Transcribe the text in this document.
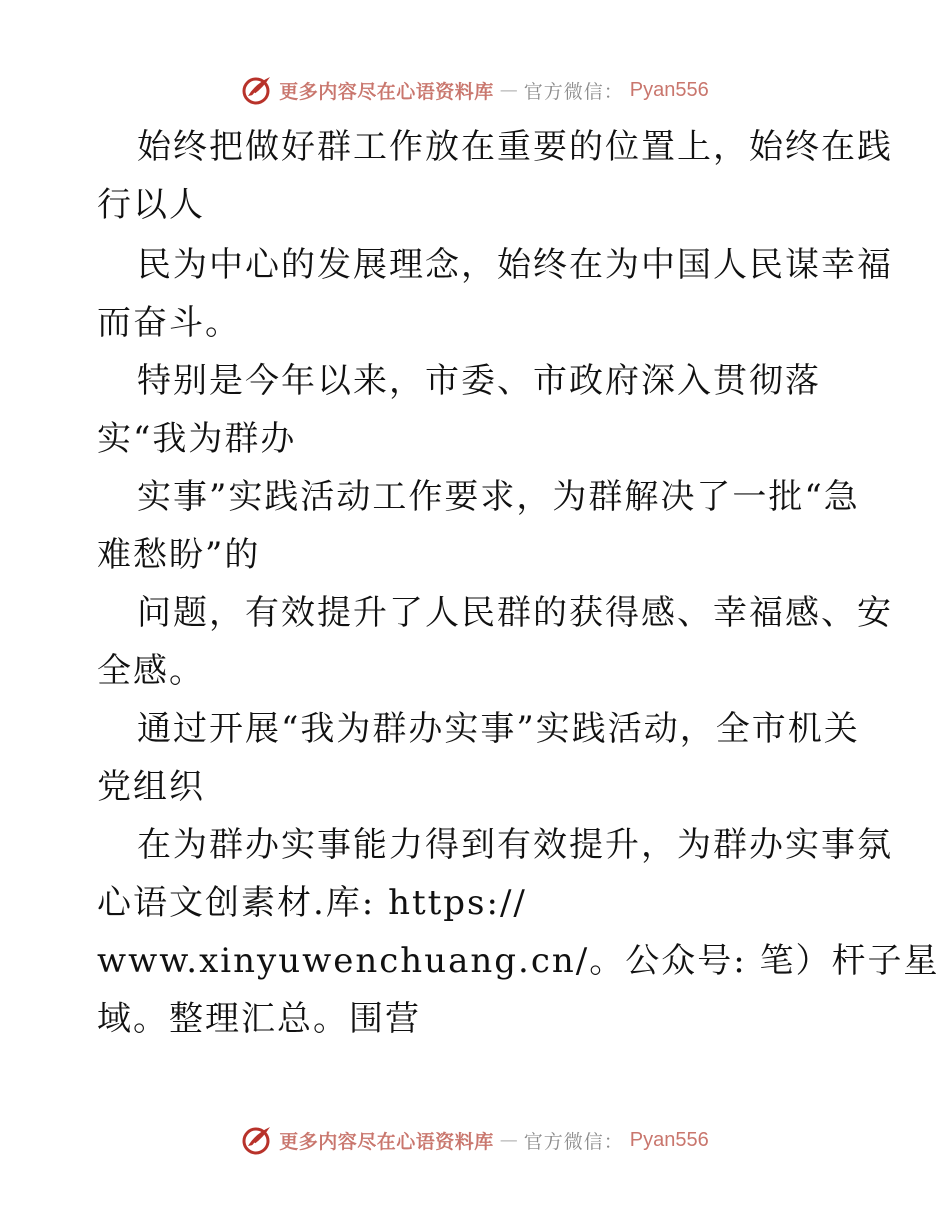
更多内容尽在心语资料库 — 官方微信： Pyan556
始终把做好群工作放在重要的位置上，始终在践
行以人
民为中心的发展理念，始终在为中国人民谋幸福
而奋斗。
特别是今年以来，市委、市政府深入贯彻落
实“我为群办
实事”实践活动工作要求，为群解决了一批“急
难愁盼”的
问题，有效提升了人民群的获得感、幸福感、安
全感。
通过开展“我为群办实事”实践活动，全市机关
党组织
在为群办实事能力得到有效提升，为群办实事氛
心语文创素材.库: https://
www.xinyuwenchuang.cn/。公众号: 笔）杆子星
域。整理汇总。围营
更多内容尽在心语资料库 — 官方微信： Pyan556
